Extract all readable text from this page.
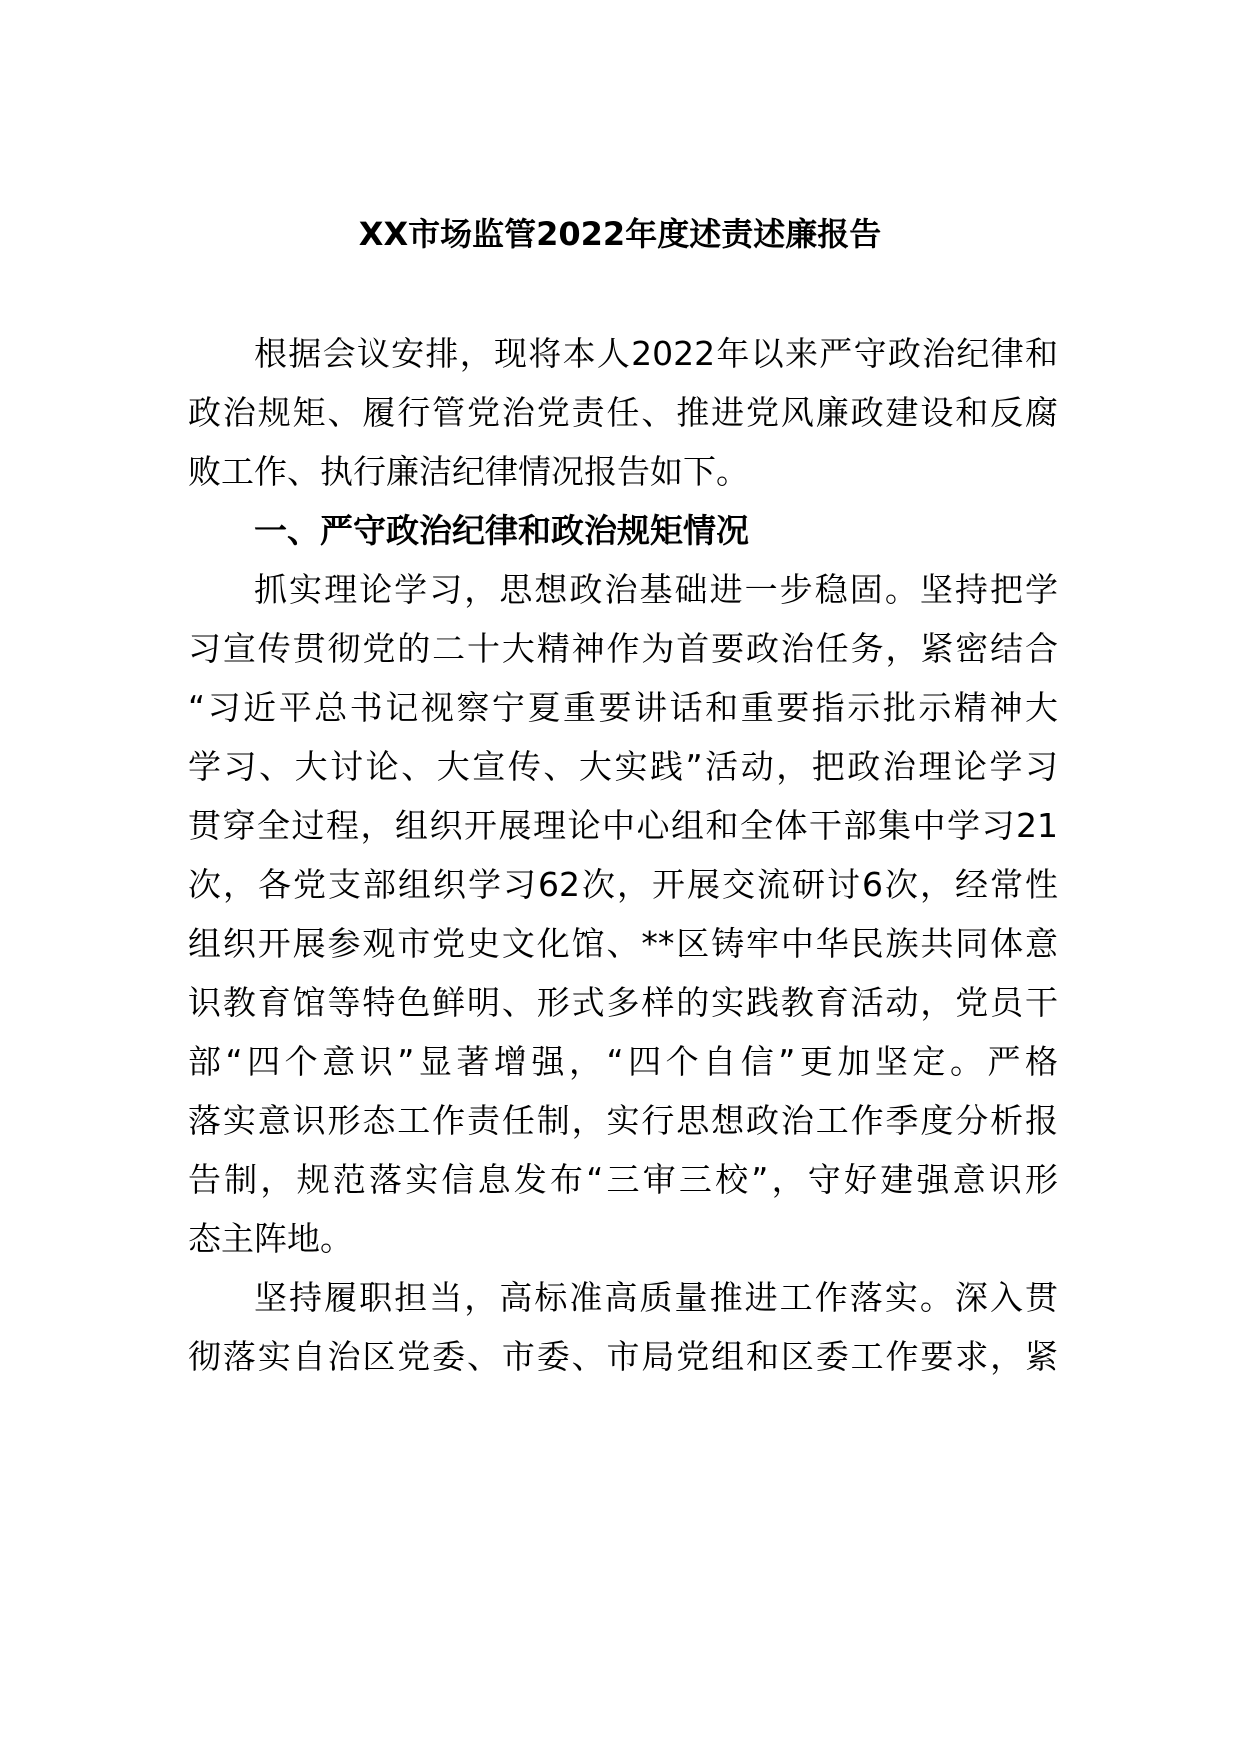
XX市场监管2022年度述责述廉报告
根据会议安排，现将本人2022年以来严守政治纪律和
政治规矩、履行管党治党责任、推进党风廉政建设和反腐
败工作、执行廉洁纪律情况报告如下。
一、严守政治纪律和政治规矩情况
抓实理论学习，思想政治基础进一步稳固。坚持把学
习宣传贯彻党的二十大精神作为首要政治任务，紧密结合
“习近平总书记视察宁夏重要讲话和重要指示批示精神大
学习、大讨论、大宣传、大实践”活动，把政治理论学习
贯穿全过程，组织开展理论中心组和全体干部集中学习21
次，各党支部组织学习62次，开展交流研讨6次，经常性
组织开展参观市党史文化馆、**区铸牢中华民族共同体意
识教育馆等特色鲜明、形式多样的实践教育活动，党员干
部“四个意识”显著增强，“四个自信”更加坚定。严格
落实意识形态工作责任制，实行思想政治工作季度分析报
告制，规范落实信息发布“三审三校”，守好建强意识形
态主阵地。
坚持履职担当，高标准高质量推进工作落实。深入贯
彻落实自治区党委、市委、市局党组和区委工作要求，紧
